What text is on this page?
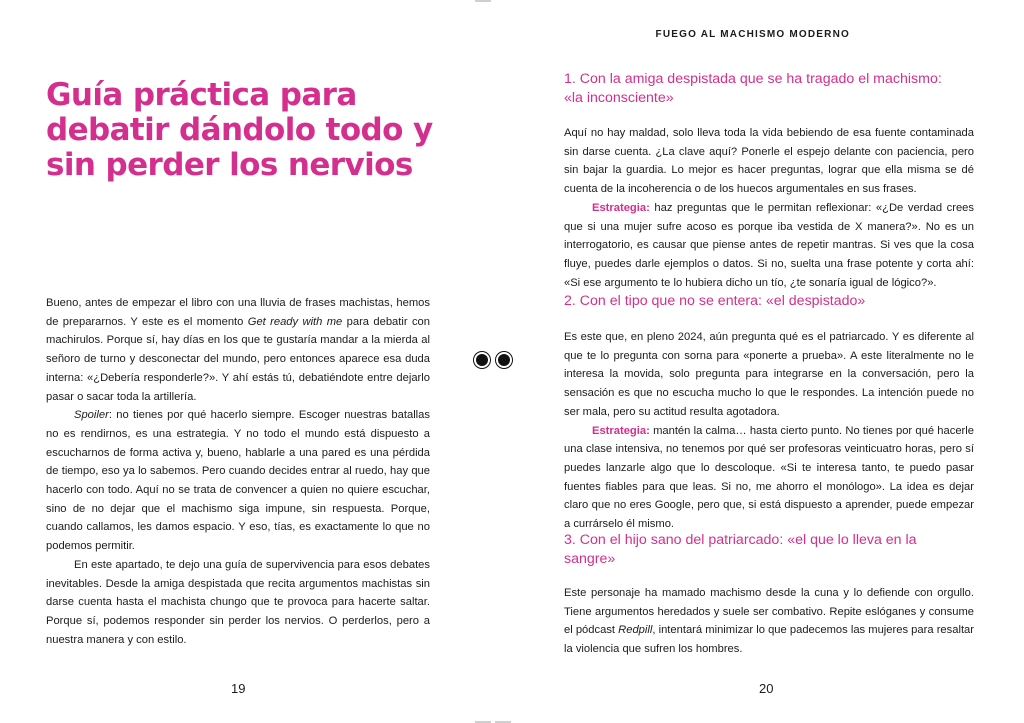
Guía práctica para debatir dándolo todo y sin perder los nervios

Bueno, antes de empezar el libro con una lluvia de frases machistas, hemos de prepararnos. Y este es el momento Get ready with me para debatir con machirulos. Porque sí, hay días en los que te gustaría mandar a la mierda al señoro de turno y desconectar del mundo, pero entonces aparece esa duda interna: «¿Debería responderle?». Y ahí estás tú, debatiéndote entre dejarlo pasar o sacar toda la artillería.

Spoiler: no tienes por qué hacerlo siempre. Escoger nuestras batallas no es rendirnos, es una estrategia. Y no todo el mundo está dispuesto a escucharnos de forma activa y, bueno, hablarle a una pared es una pérdida de tiempo, eso ya lo sabemos. Pero cuando decides entrar al ruedo, hay que hacerlo con todo. Aquí no se trata de convencer a quien no quiere escuchar, sino de no dejar que el machismo siga impune, sin respuesta. Porque, cuando callamos, les damos espacio. Y eso, tías, es exactamente lo que no podemos permitir.

En este apartado, te dejo una guía de supervivencia para esos debates inevitables. Desde la amiga despistada que recita argumentos machistas sin darse cuenta hasta el machista chungo que te provoca para hacerte saltar. Porque sí, podemos responder sin perder los nervios. O perderlos, pero a nuestra manera y con estilo.

19
FUEGO AL MACHISMO MODERNO
1. Con la amiga despistada que se ha tragado el machismo: «la inconsciente»

Aquí no hay maldad, solo lleva toda la vida bebiendo de esa fuente contaminada sin darse cuenta. ¿La clave aquí? Ponerle el espejo delante con paciencia, pero sin bajar la guardia. Lo mejor es hacer preguntas, lograr que ella misma se dé cuenta de la incoherencia o de los huecos argumentales en sus frases.

Estrategia: haz preguntas que le permitan reflexionar: «¿De verdad crees que si una mujer sufre acoso es porque iba vestida de X manera?». No es un interrogatorio, es causar que piense antes de repetir mantras. Si ves que la cosa fluye, puedes darle ejemplos o datos. Si no, suelta una frase potente y corta ahí: «Si ese argumento te lo hubiera dicho un tío, ¿te sonaría igual de lógico?».

2. Con el tipo que no se entera: «el despistado»

Es este que, en pleno 2024, aún pregunta qué es el patriarcado. Y es diferente al que te lo pregunta con sorna para «ponerte a prueba». A este literalmente no le interesa la movida, solo pregunta para integrarse en la conversación, pero la sensación es que no escucha mucho lo que le respondes. La intención puede no ser mala, pero su actitud resulta agotadora.

Estrategia: mantén la calma… hasta cierto punto. No tienes por qué hacerle una clase intensiva, no tenemos por qué ser profesoras veinticuatro horas, pero sí puedes lanzarle algo que lo descoloque. «Si te interesa tanto, te puedo pasar fuentes fiables para que leas. Si no, me ahorro el monólogo». La idea es dejar claro que no eres Google, pero que, si está dispuesto a aprender, puede empezar a currárselo él mismo.

3. Con el hijo sano del patriarcado: «el que lo lleva en la sangre»

Este personaje ha mamado machismo desde la cuna y lo defiende con orgullo. Tiene argumentos heredados y suele ser combativo. Repite eslóganes y consume el pódcast Redpill, intentará minimizar lo que padecemos las mujeres para resaltar la violencia que sufren los hombres.

20
